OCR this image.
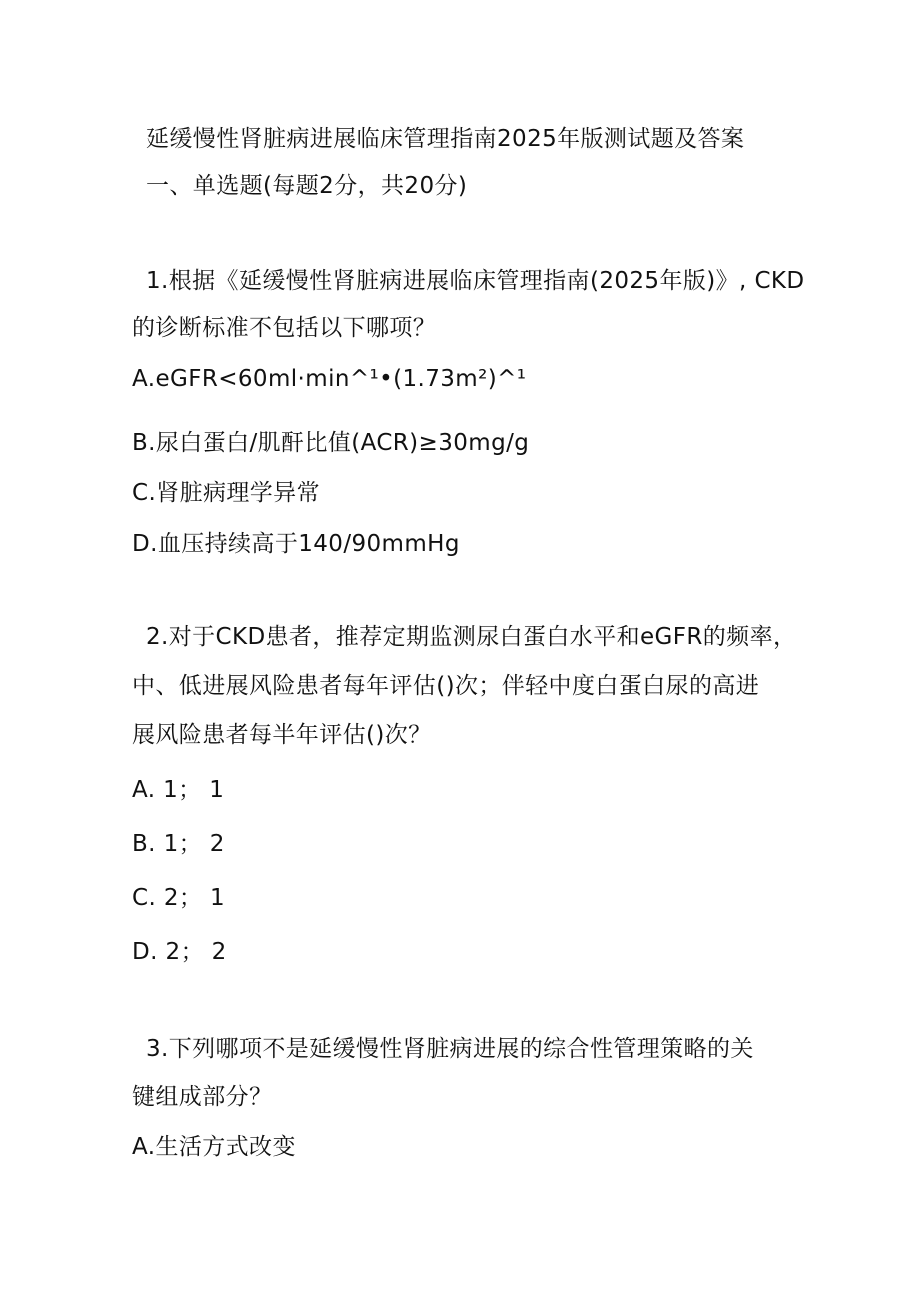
延缓慢性肾脏病进展临床管理指南2025年版测试题及答案
一、单选题(每题2分，共20分)
1.根据《延缓慢性肾脏病进展临床管理指南(2025年版)》, CKD
的诊断标准不包括以下哪项？
A.eGFR<60ml·min^¹•(1.73m²)^¹
B.尿白蛋白/肌酐比值(ACR)≥30mg/g
C.肾脏病理学异常
D.血压持续高于140/90mmHg
2.对于CKD患者，推荐定期监测尿白蛋白水平和eGFR的频率，
中、低进展风险患者每年评估()次；伴轻中度白蛋白尿的高进
展风险患者每半年评估()次？
A. 1； 1
B. 1； 2
C. 2； 1
D. 2； 2
3.下列哪项不是延缓慢性肾脏病进展的综合性管理策略的关
键组成部分？
A.生活方式改变
